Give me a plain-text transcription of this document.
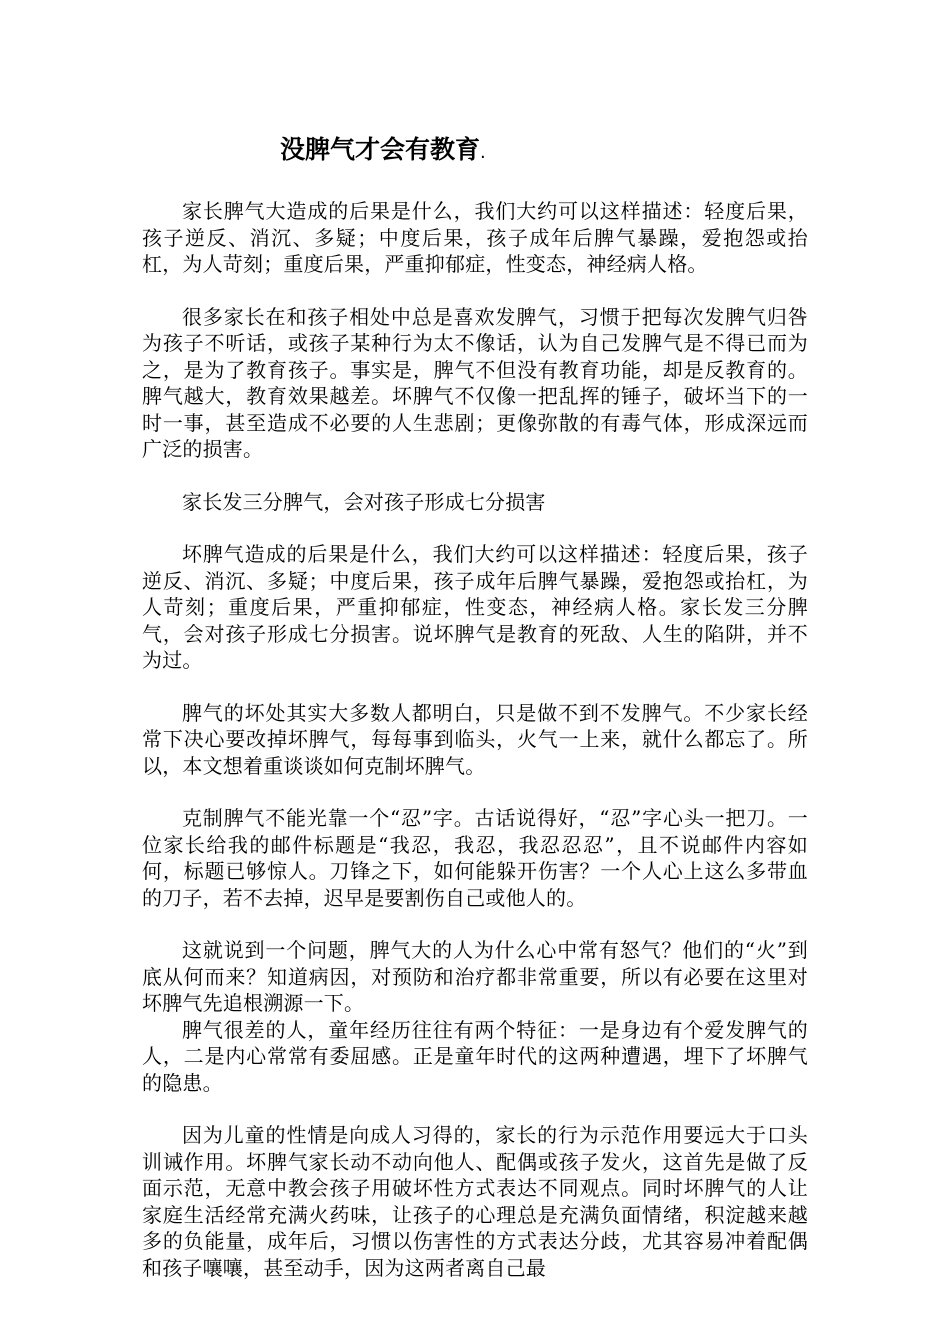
没脾气才会有教育.

家长脾气大造成的后果是什么，我们大约可以这样描述：轻度后果，孩子逆反、消沉、多疑；中度后果，孩子成年后脾气暴躁，爱抱怨或抬杠，为人苛刻；重度后果，严重抑郁症，性变态，神经病人格。

很多家长在和孩子相处中总是喜欢发脾气，习惯于把每次发脾气归咎为孩子不听话，或孩子某种行为太不像话，认为自己发脾气是不得已而为之，是为了教育孩子。事实是，脾气不但没有教育功能，却是反教育的。脾气越大，教育效果越差。坏脾气不仅像一把乱挥的锤子，破坏当下的一时一事，甚至造成不必要的人生悲剧；更像弥散的有毒气体，形成深远而广泛的损害。

家长发三分脾气，会对孩子形成七分损害

坏脾气造成的后果是什么，我们大约可以这样描述：轻度后果，孩子逆反、消沉、多疑；中度后果，孩子成年后脾气暴躁，爱抱怨或抬杠，为人苛刻；重度后果，严重抑郁症，性变态，神经病人格。家长发三分脾气，会对孩子形成七分损害。说坏脾气是教育的死敌、人生的陷阱，并不为过。

脾气的坏处其实大多数人都明白，只是做不到不发脾气。不少家长经常下决心要改掉坏脾气，每每事到临头，火气一上来，就什么都忘了。所以，本文想着重谈谈如何克制坏脾气。

克制脾气不能光靠一个“忍”字。古话说得好，“忍”字心头一把刀。一位家长给我的邮件标题是“我忍，我忍，我忍忍忍”，且不说邮件内容如何，标题已够惊人。刀锋之下，如何能躲开伤害？一个人心上这么多带血的刀子，若不去掉，迟早是要割伤自己或他人的。

这就说到一个问题，脾气大的人为什么心中常有怒气？他们的“火”到底从何而来？知道病因，对预防和治疗都非常重要，所以有必要在这里对坏脾气先追根溯源一下。

脾气很差的人，童年经历往往有两个特征：一是身边有个爱发脾气的人，二是内心常常有委屈感。正是童年时代的这两种遭遇，埋下了坏脾气的隐患。

因为儿童的性情是向成人习得的，家长的行为示范作用要远大于口头训诫作用。坏脾气家长动不动向他人、配偶或孩子发火，这首先是做了反面示范，无意中教会孩子用破坏性方式表达不同观点。同时坏脾气的人让家庭生活经常充满火药味，让孩子的心理总是充满负面情绪，积淀越来越多的负能量，成年后，习惯以伤害性的方式表达分歧，尤其容易冲着配偶和孩子嚷嚷，甚至动手，因为这两者离自己最
